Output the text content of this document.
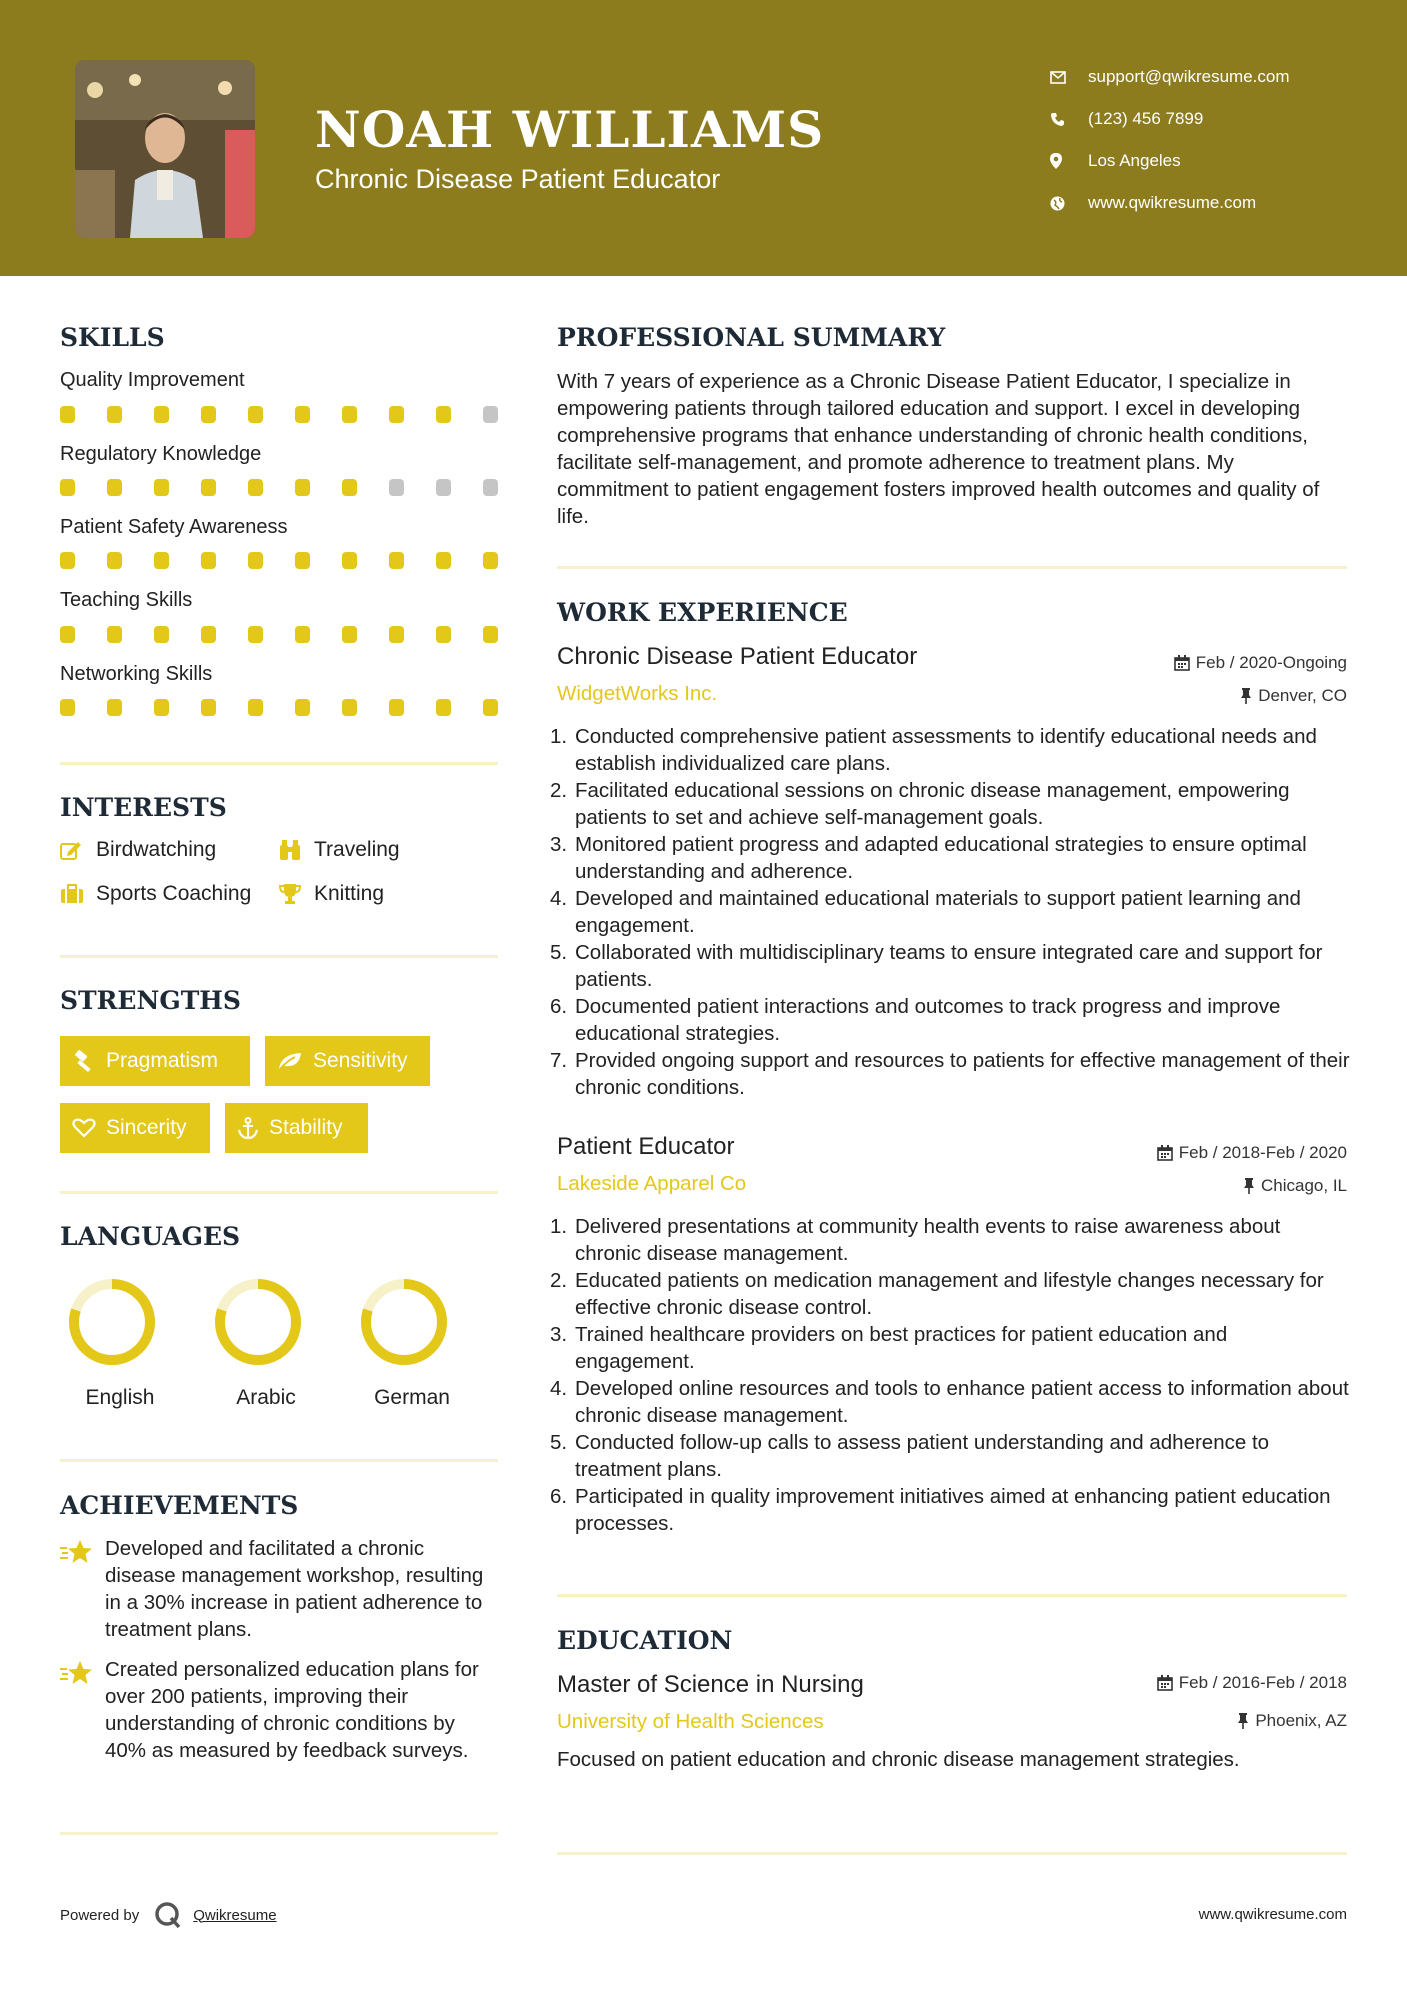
NOAH WILLIAMS
Chronic Disease Patient Educator
support@qwikresume.com
(123) 456 7899
Los Angeles
www.qwikresume.com
SKILLS
Quality Improvement
Regulatory Knowledge
Patient Safety Awareness
Teaching Skills
Networking Skills
INTERESTS
Birdwatching	Traveling
Sports Coaching	Knitting
STRENGTHS
Pragmatism	Sensitivity
Sincerity	Stability
LANGUAGES
English	Arabic	German
ACHIEVEMENTS
Developed and facilitated a chronic disease management workshop, resulting in a 30% increase in patient adherence to treatment plans.
Created personalized education plans for over 200 patients, improving their understanding of chronic conditions by 40% as measured by feedback surveys.
PROFESSIONAL SUMMARY
With 7 years of experience as a Chronic Disease Patient Educator, I specialize in empowering patients through tailored education and support. I excel in developing comprehensive programs that enhance understanding of chronic health conditions, facilitate self-management, and promote adherence to treatment plans. My commitment to patient engagement fosters improved health outcomes and quality of life.
WORK EXPERIENCE
Chronic Disease Patient Educator	Feb / 2020-Ongoing
WidgetWorks Inc.	Denver, CO
1. Conducted comprehensive patient assessments to identify educational needs and establish individualized care plans.
2. Facilitated educational sessions on chronic disease management, empowering patients to set and achieve self-management goals.
3. Monitored patient progress and adapted educational strategies to ensure optimal understanding and adherence.
4. Developed and maintained educational materials to support patient learning and engagement.
5. Collaborated with multidisciplinary teams to ensure integrated care and support for patients.
6. Documented patient interactions and outcomes to track progress and improve educational strategies.
7. Provided ongoing support and resources to patients for effective management of their chronic conditions.
Patient Educator	Feb / 2018-Feb / 2020
Lakeside Apparel Co	Chicago, IL
1. Delivered presentations at community health events to raise awareness about chronic disease management.
2. Educated patients on medication management and lifestyle changes necessary for effective chronic disease control.
3. Trained healthcare providers on best practices for patient education and engagement.
4. Developed online resources and tools to enhance patient access to information about chronic disease management.
5. Conducted follow-up calls to assess patient understanding and adherence to treatment plans.
6. Participated in quality improvement initiatives aimed at enhancing patient education processes.
EDUCATION
Master of Science in Nursing	Feb / 2016-Feb / 2018
University of Health Sciences	Phoenix, AZ
Focused on patient education and chronic disease management strategies.
Powered by	Qwikresume	www.qwikresume.com
